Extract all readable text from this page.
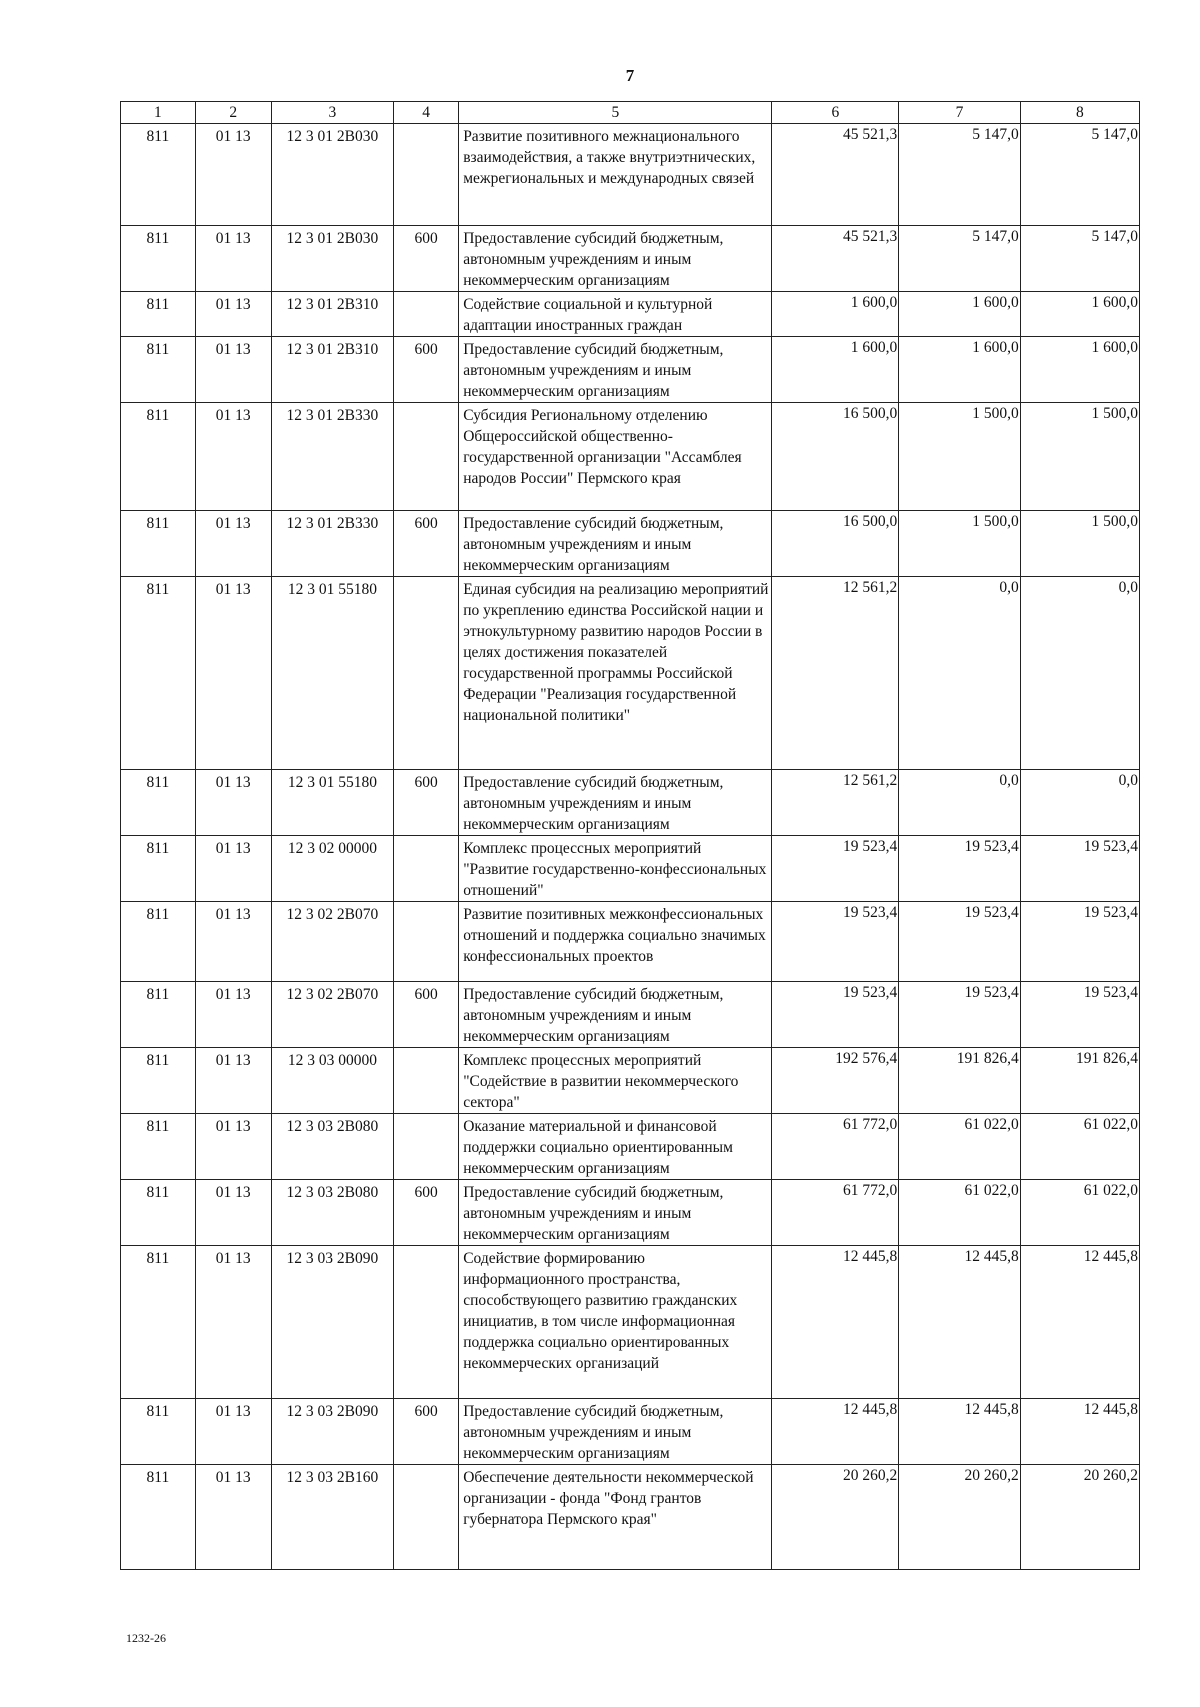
7
1	2	3	4	5	6	7	8
811	01 13	12 3 01 2В030		Развитие позитивного межнационального взаимодействия, а также внутриэтнических, межрегиональных и международных связей	45 521,3	5 147,0	5 147,0
811	01 13	12 3 01 2В030	600	Предоставление субсидий бюджетным, автономным учреждениям и иным некоммерческим организациям	45 521,3	5 147,0	5 147,0
811	01 13	12 3 01 2В310		Содействие социальной и культурной адаптации иностранных граждан	1 600,0	1 600,0	1 600,0
811	01 13	12 3 01 2В310	600	Предоставление субсидий бюджетным, автономным учреждениям и иным некоммерческим организациям	1 600,0	1 600,0	1 600,0
811	01 13	12 3 01 2В330		Субсидия Региональному отделению Общероссийской общественно-государственной организации "Ассамблея народов России" Пермского края	16 500,0	1 500,0	1 500,0
811	01 13	12 3 01 2В330	600	Предоставление субсидий бюджетным, автономным учреждениям и иным некоммерческим организациям	16 500,0	1 500,0	1 500,0
811	01 13	12 3 01 55180		Единая субсидия на реализацию мероприятий по укреплению единства Российской нации и этнокультурному развитию народов России в целях достижения показателей государственной программы Российской Федерации "Реализация государственной национальной политики"	12 561,2	0,0	0,0
811	01 13	12 3 01 55180	600	Предоставление субсидий бюджетным, автономным учреждениям и иным некоммерческим организациям	12 561,2	0,0	0,0
811	01 13	12 3 02 00000		Комплекс процессных мероприятий "Развитие государственно-конфессиональных отношений"	19 523,4	19 523,4	19 523,4
811	01 13	12 3 02 2В070		Развитие позитивных межконфессиональных отношений и поддержка социально значимых конфессиональных проектов	19 523,4	19 523,4	19 523,4
811	01 13	12 3 02 2В070	600	Предоставление субсидий бюджетным, автономным учреждениям и иным некоммерческим организациям	19 523,4	19 523,4	19 523,4
811	01 13	12 3 03 00000		Комплекс процессных мероприятий "Содействие в развитии некоммерческого сектора"	192 576,4	191 826,4	191 826,4
811	01 13	12 3 03 2В080		Оказание материальной и финансовой поддержки социально ориентированным некоммерческим организациям	61 772,0	61 022,0	61 022,0
811	01 13	12 3 03 2В080	600	Предоставление субсидий бюджетным, автономным учреждениям и иным некоммерческим организациям	61 772,0	61 022,0	61 022,0
811	01 13	12 3 03 2В090		Содействие формированию информационного пространства, способствующего развитию гражданских инициатив, в том числе информационная поддержка социально ориентированных некоммерческих организаций	12 445,8	12 445,8	12 445,8
811	01 13	12 3 03 2В090	600	Предоставление субсидий бюджетным, автономным учреждениям и иным некоммерческим организациям	12 445,8	12 445,8	12 445,8
811	01 13	12 3 03 2В160		Обеспечение деятельности некоммерческой организации - фонда "Фонд грантов губернатора Пермского края"	20 260,2	20 260,2	20 260,2
1232-26
